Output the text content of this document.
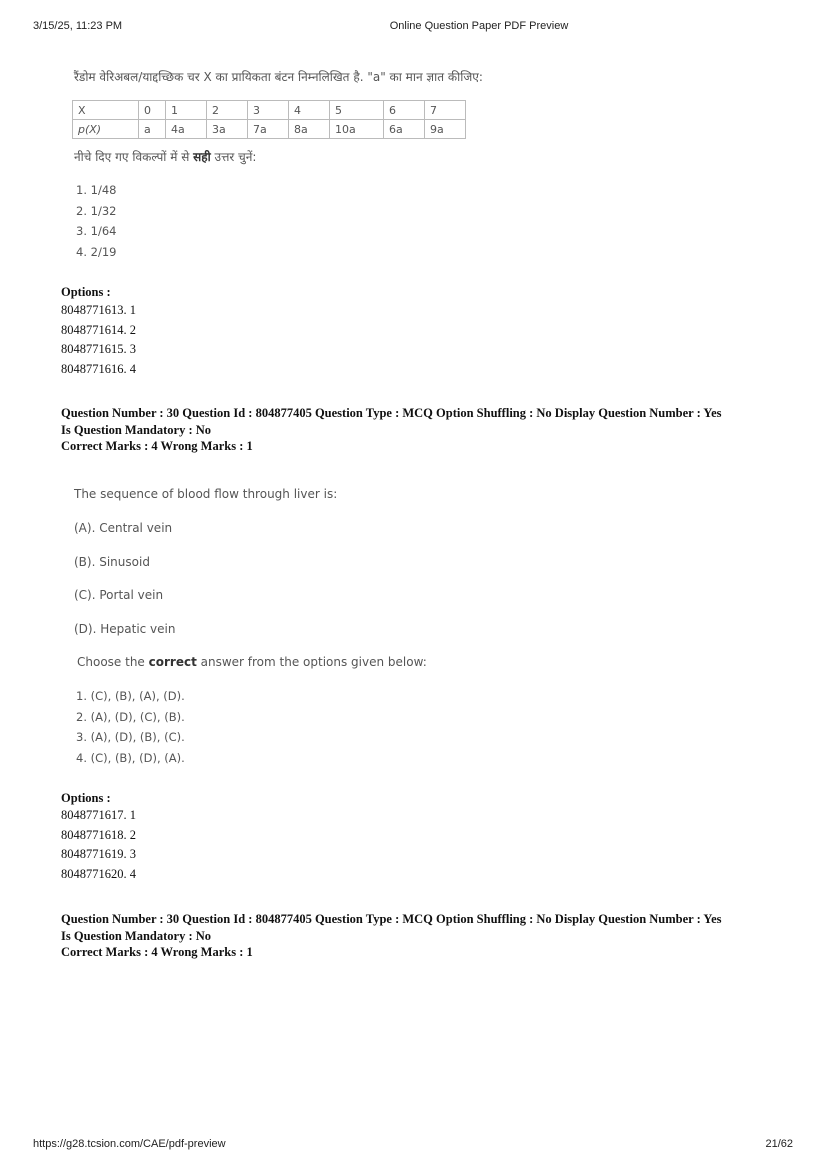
3/15/25, 11:23 PM	Online Question Paper PDF Preview
रैंडोम वेरिअबल/याद्दच्छिक चर X का प्रायिकता बंटन निम्नलिखित है. "a" का मान ज्ञात कीजिए:
X	0	1	2	3	4	5	6	7
p(X)	a	4a	3a	7a	8a	10a	6a	9a
नीचे दिए गए विकल्पों में से सही उत्तर चुनें:
1. 1/48
2. 1/32
3. 1/64
4. 2/19
Options :
8048771613. 1
8048771614. 2
8048771615. 3
8048771616. 4
Question Number : 30 Question Id : 804877405 Question Type : MCQ Option Shuffling : No Display Question Number : Yes
Is Question Mandatory : No
Correct Marks : 4 Wrong Marks : 1
The sequence of blood flow through liver is:
(A). Central vein
(B). Sinusoid
(C). Portal vein
(D). Hepatic vein
Choose the correct answer from the options given below:
1. (C), (B), (A), (D).
2. (A), (D), (C), (B).
3. (A), (D), (B), (C).
4. (C), (B), (D), (A).
Options :
8048771617. 1
8048771618. 2
8048771619. 3
8048771620. 4
Question Number : 30 Question Id : 804877405 Question Type : MCQ Option Shuffling : No Display Question Number : Yes
Is Question Mandatory : No
Correct Marks : 4 Wrong Marks : 1
https://g28.tcsion.com/CAE/pdf-preview	21/62
